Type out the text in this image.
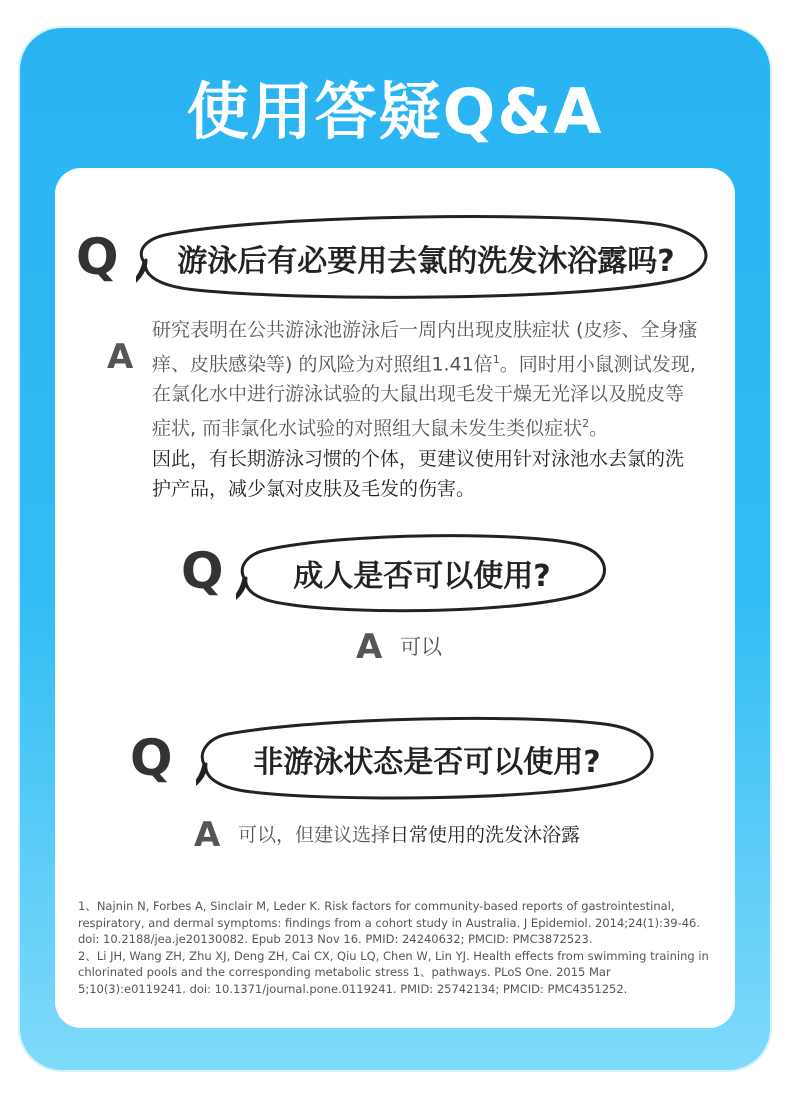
使用答疑Q&A
Q	游泳后有必要用去氯的洗发沐浴露吗?
A
研究表明在公共游泳池游泳后一周内出现皮肤症状 (皮疹、全身瘙痒、皮肤感染等) 的风险为对照组1.41倍$^1$。同时用小鼠测试发现, 在氯化水中进行游泳试验的大鼠出现毛发干燥无光泽以及脱皮等症状, 而非氯化水试验的对照组大鼠未发生类似症状$^2$。
因此，有长期游泳习惯的个体，更建议使用针对泳池水去氯的洗护产品，减少氯对皮肤及毛发的伤害。
Q	成人是否可以使用?
A 可以
Q	非游泳状态是否可以使用?
A 可以，但建议选择日常使用的洗发沐浴露
1、Najnin N, Forbes A, Sinclair M, Leder K. Risk factors for community-based reports of gastrointestinal, respiratory, and dermal symptoms: findings from a cohort study in Australia. J Epidemiol. 2014;24(1):39-46. doi: 10.2188/jea.je20130082. Epub 2013 Nov 16. PMID: 24240632; PMCID: PMC3872523.
2、Li JH, Wang ZH, Zhu XJ, Deng ZH, Cai CX, Qiu LQ, Chen W, Lin YJ. Health effects from swimming training in chlorinated pools and the corresponding metabolic stress 1、pathways. PLoS One. 2015 Mar 5;10(3):e0119241. doi: 10.1371/journal.pone.0119241. PMID: 25742134; PMCID: PMC4351252.
